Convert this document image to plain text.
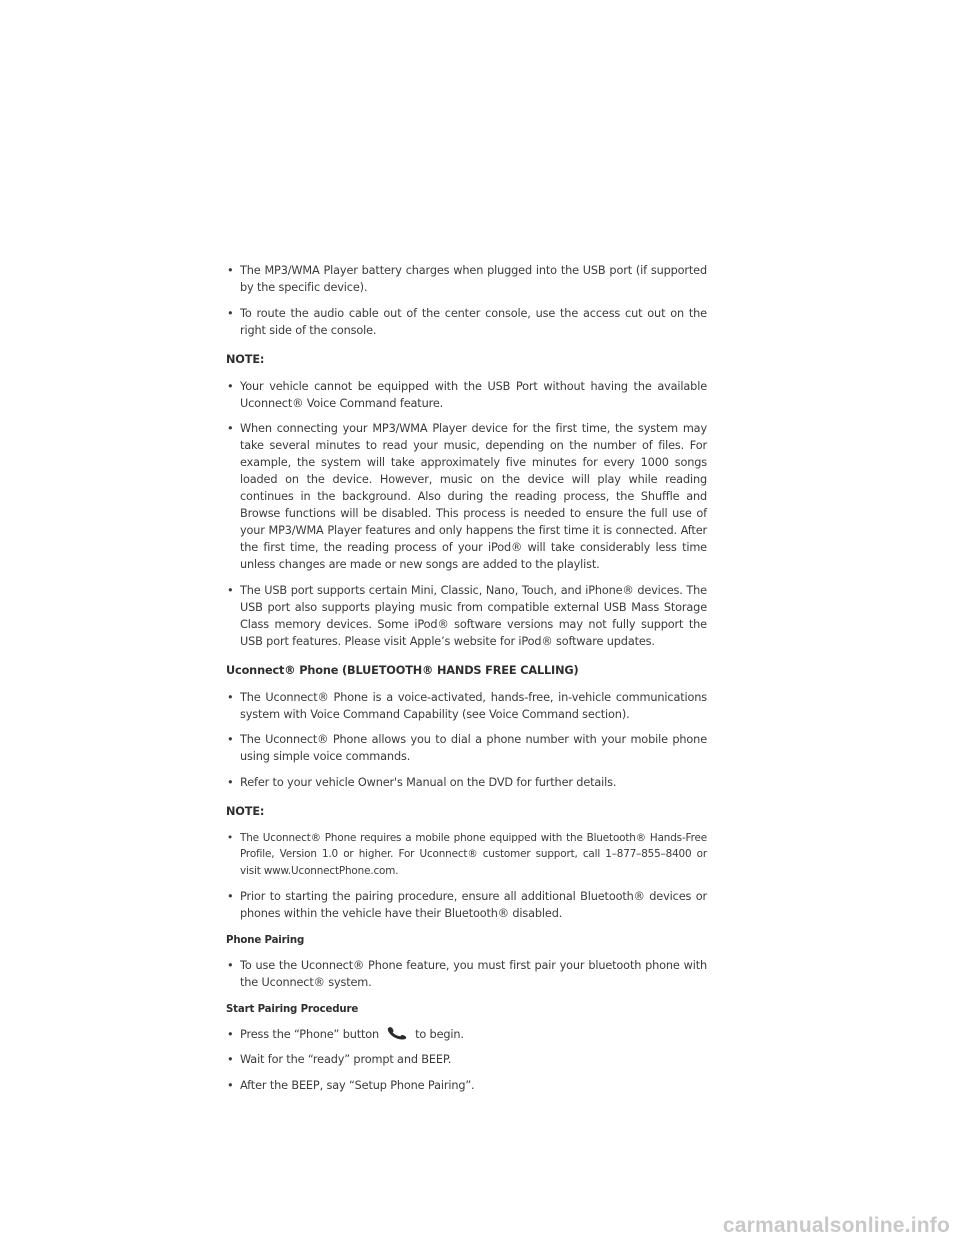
• The MP3/WMA Player battery charges when plugged into the USB port (if supported by the specific device).
• To route the audio cable out of the center console, use the access cut out on the right side of the console.
NOTE:
• Your vehicle cannot be equipped with the USB Port without having the available Uconnect® Voice Command feature.
• When connecting your MP3/WMA Player device for the first time, the system may take several minutes to read your music, depending on the number of files. For example, the system will take approximately five minutes for every 1000 songs loaded on the device. However, music on the device will play while reading continues in the background. Also during the reading process, the Shuffle and Browse functions will be disabled. This process is needed to ensure the full use of your MP3/WMA Player features and only happens the first time it is connected. After the first time, the reading process of your iPod® will take considerably less time unless changes are made or new songs are added to the playlist.
• The USB port supports certain Mini, Classic, Nano, Touch, and iPhone® devices. The USB port also supports playing music from compatible external USB Mass Storage Class memory devices. Some iPod® software versions may not fully support the USB port features. Please visit Apple’s website for iPod® software updates.
Uconnect® Phone (BLUETOOTH® HANDS FREE CALLING)
• The Uconnect® Phone is a voice-activated, hands-free, in-vehicle communications system with Voice Command Capability (see Voice Command section).
• The Uconnect® Phone allows you to dial a phone number with your mobile phone using simple voice commands.
• Refer to your vehicle Owner's Manual on the DVD for further details.
NOTE:
• The Uconnect® Phone requires a mobile phone equipped with the Bluetooth® Hands-Free Profile, Version 1.0 or higher. For Uconnect® customer support, call 1–877–855–8400 or visit www.UconnectPhone.com.
• Prior to starting the pairing procedure, ensure all additional Bluetooth® devices or phones within the vehicle have their Bluetooth® disabled.
Phone Pairing
• To use the Uconnect® Phone feature, you must first pair your bluetooth phone with the Uconnect® system.
Start Pairing Procedure
• Press the “Phone” button	to begin.
• Wait for the “ready” prompt and BEEP.
• After the BEEP, say “Setup Phone Pairing”.
carmanualsonline.info
